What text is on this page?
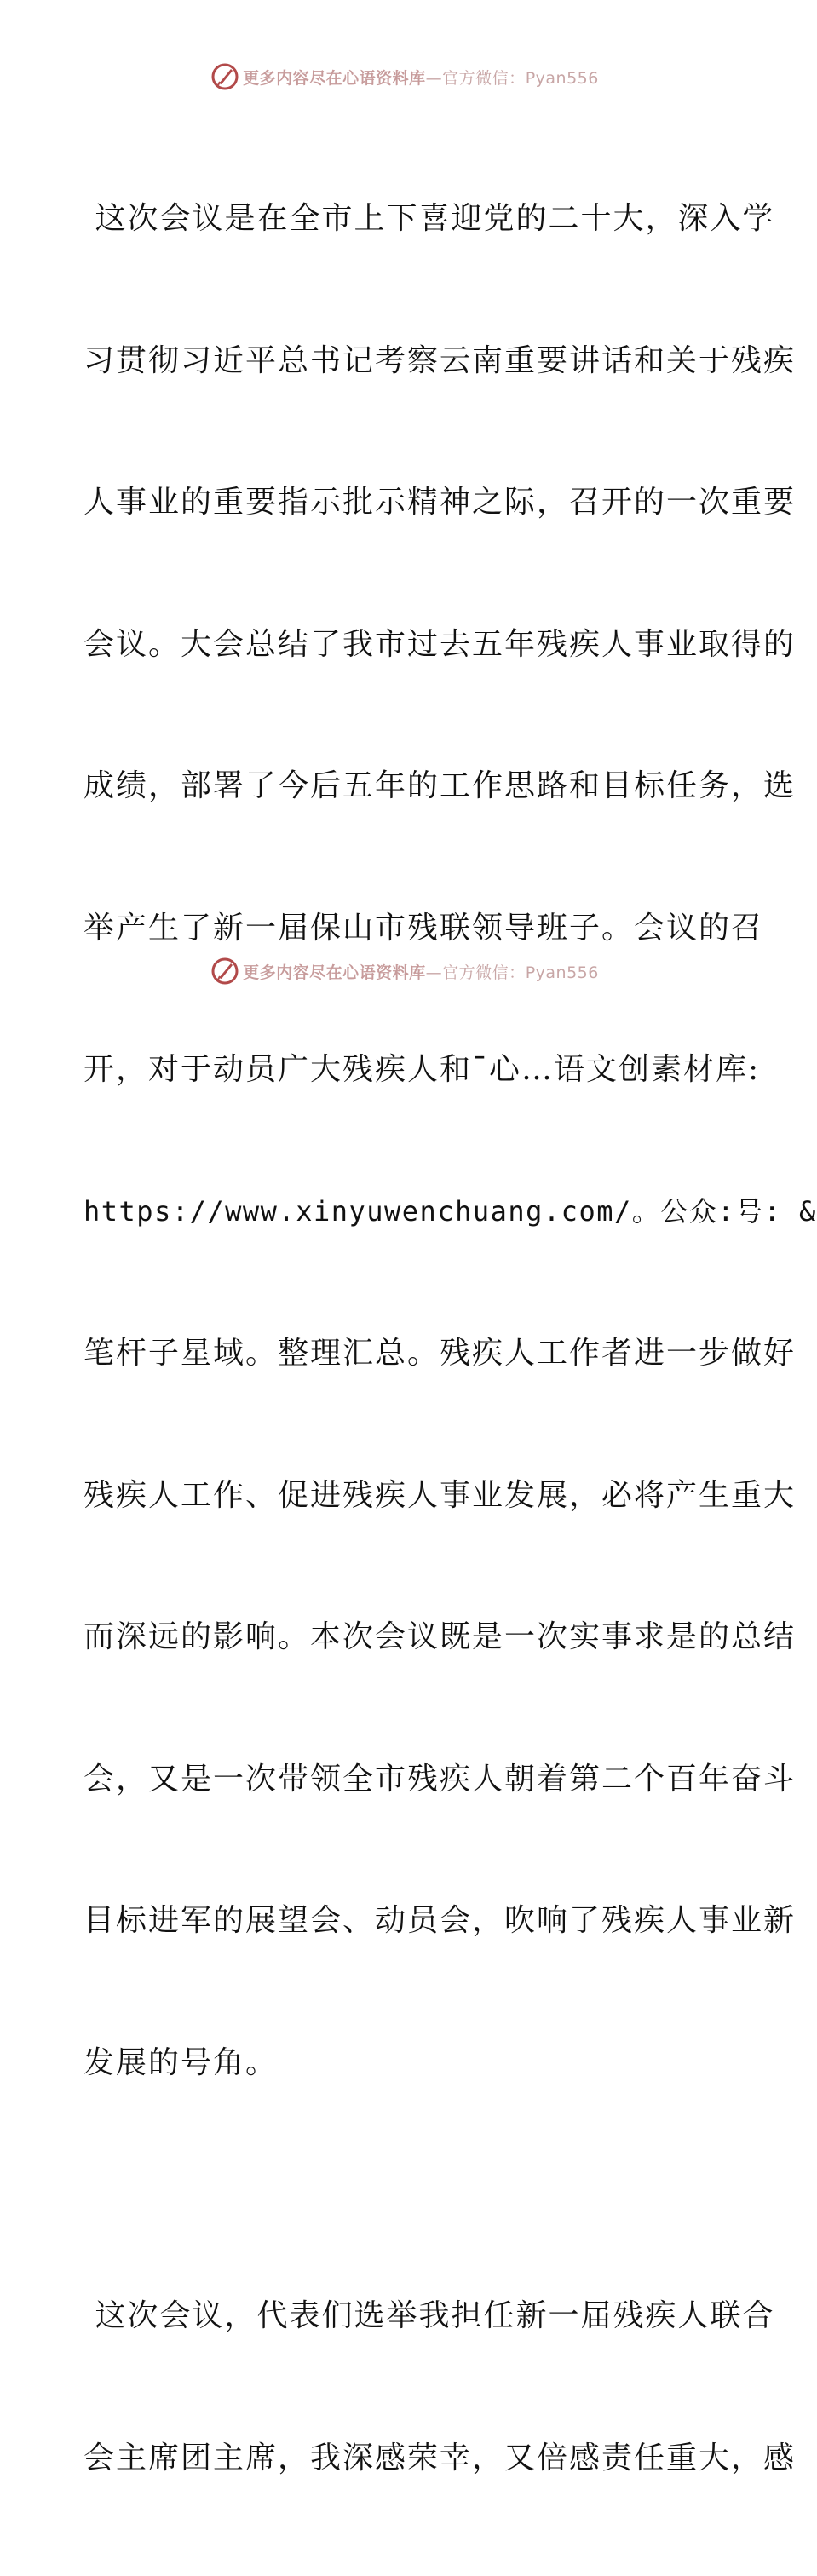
更多内容尽在心语资料库—官方微信：Pyan556

这次会议是在全市上下喜迎党的二十大，深入学

习贯彻习近平总书记考察云南重要讲话和关于残疾

人事业的重要指示批示精神之际，召开的一次重要

会议。大会总结了我市过去五年残疾人事业取得的

成绩，部署了今后五年的工作思路和目标任务，选

举产生了新一届保山市残联领导班子。会议的召

开，对于动员广大残疾人和¯心…语文创素材库:

https://www.xinyuwenchuang.com/。公众:号: &

笔杆子星域。整理汇总。残疾人工作者进一步做好

残疾人工作、促进残疾人事业发展，必将产生重大

而深远的影响。本次会议既是一次实事求是的总结

会，又是一次带领全市残疾人朝着第二个百年奋斗

目标进军的展望会、动员会，吹响了残疾人事业新

发展的号角。

这次会议，代表们选举我担任新一届残疾人联合

会主席团主席，我深感荣幸，又倍感责任重大，感

更多内容尽在心语资料库—官方微信：Pyan556
